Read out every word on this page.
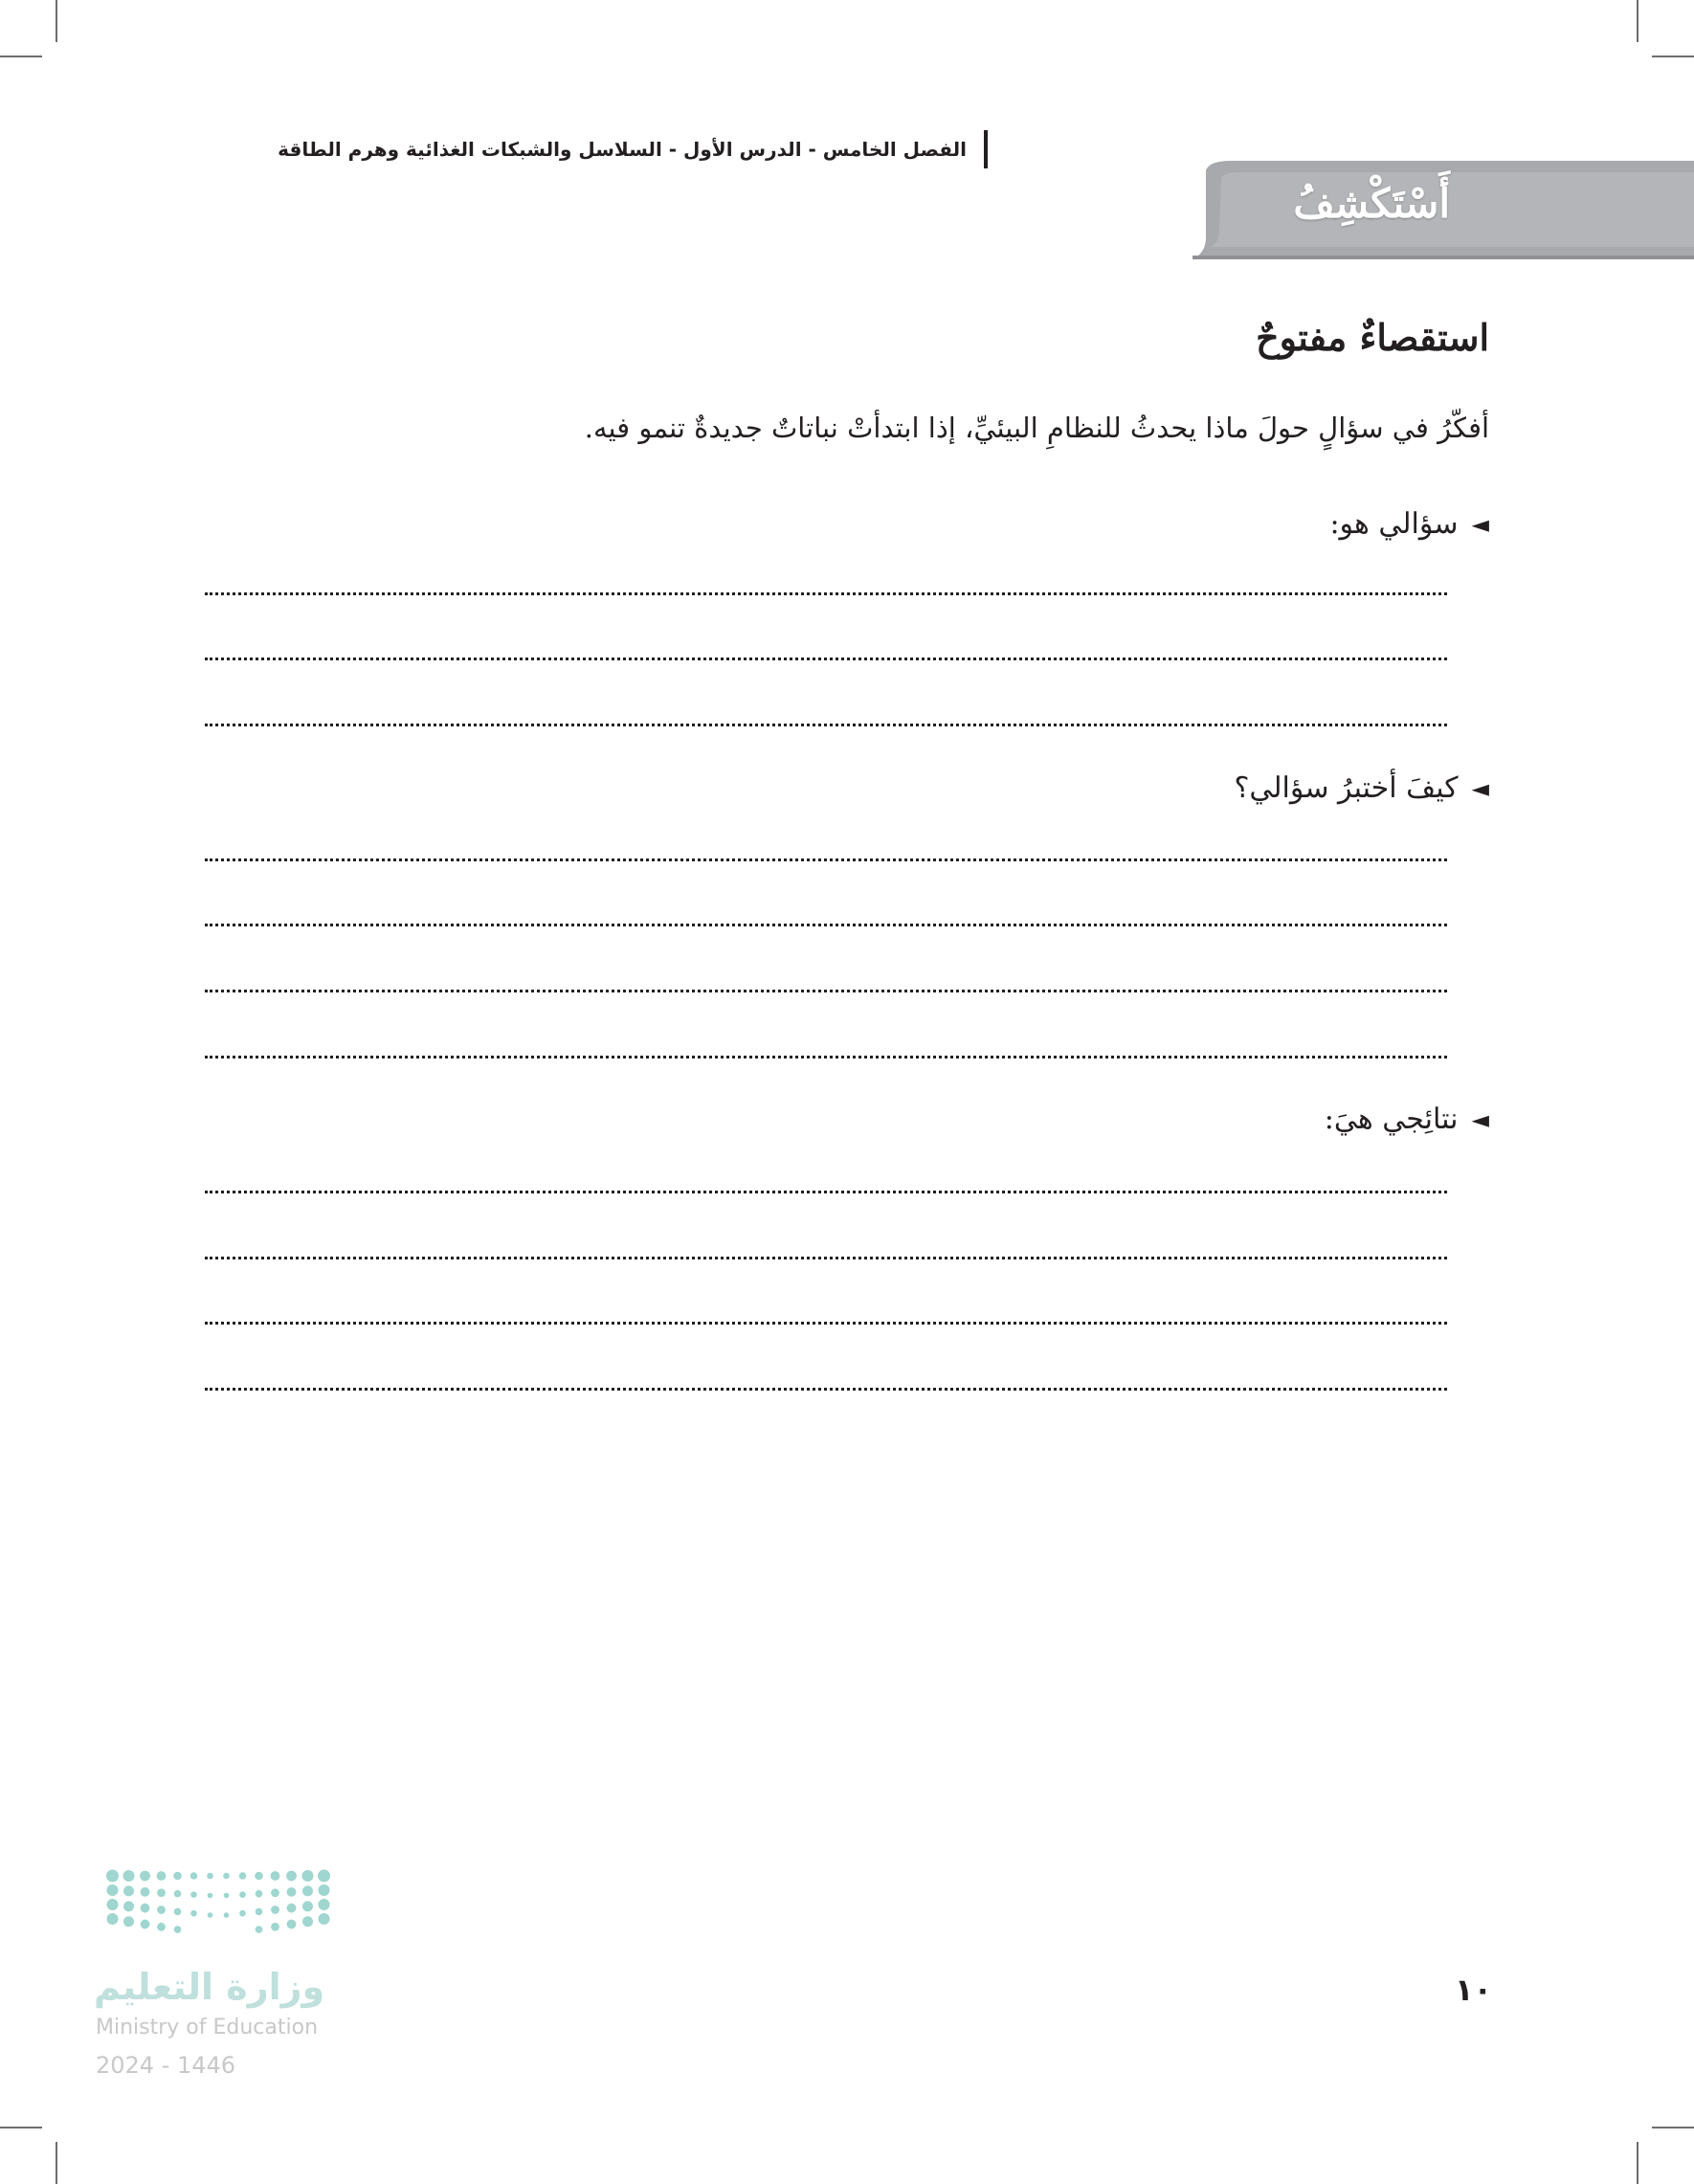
الفصل الخامس - الدرس الأول - السلاسل والشبكات الغذائية وهرم الطاقة
أَسْتَكْشِفُ
استقصاءٌ مفتوحٌ
أفكّرُ في سؤالٍ حولَ ماذا يحدثُ للنظامِ البيئيِّ، إذا ابتدأتْ نباتاتٌ جديدةٌ تنمو فيه.
◄
سؤالي هو:
◄
كيفَ أختبرُ سؤالي؟
◄
نتائِجي هيَ:
١٠
وزارة التعليم
Ministry of Education
2024 - 1446
